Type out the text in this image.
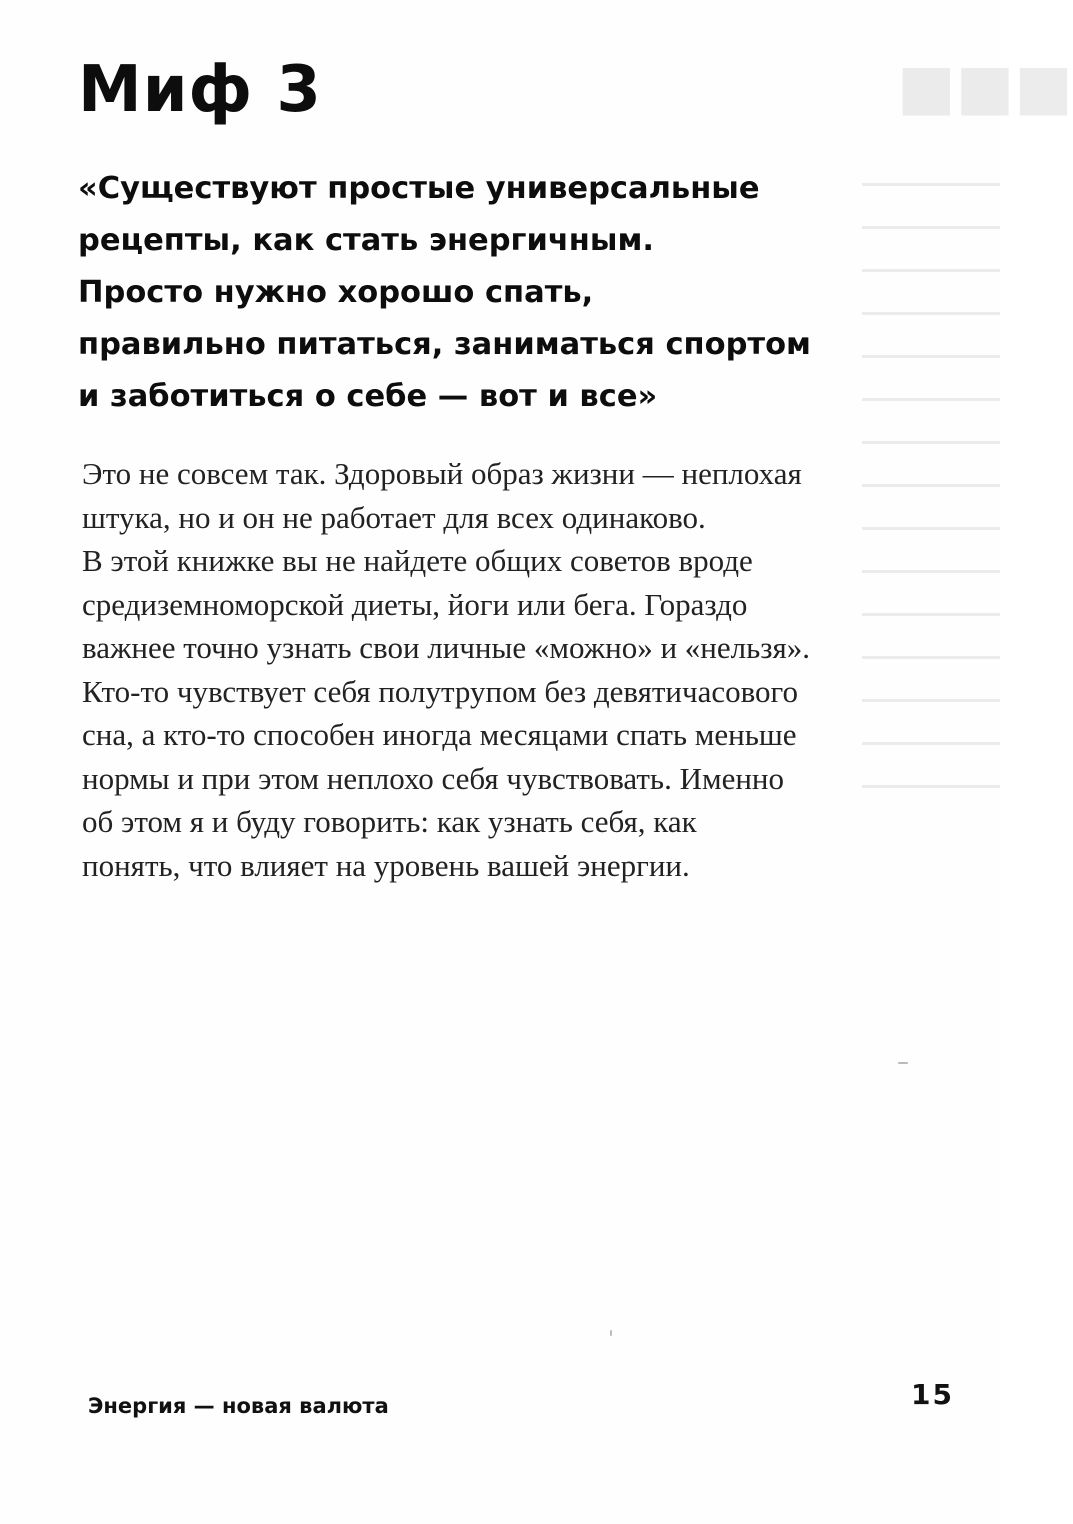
■■■
Миф 3

«Существуют простые универсальные
рецепты, как стать энергичным.
Просто нужно хорошо спать,
правильно питаться, заниматься спортом
и заботиться о себе — вот и все»

Это не совсем так. Здоровый образ жизни — неплохая
штука, но и он не работает для всех одинаково.
В этой книжке вы не найдете общих советов вроде
средиземноморской диеты, йоги или бега. Гораздо
важнее точно узнать свои личные «можно» и «нельзя».
Кто-то чувствует себя полутрупом без девятичасового
сна, а кто-то способен иногда месяцами спать меньше
нормы и при этом неплохо себя чувствовать. Именно
об этом я и буду говорить: как узнать себя, как
понять, что влияет на уровень вашей энергии.

Энергия — новая валюта	15
